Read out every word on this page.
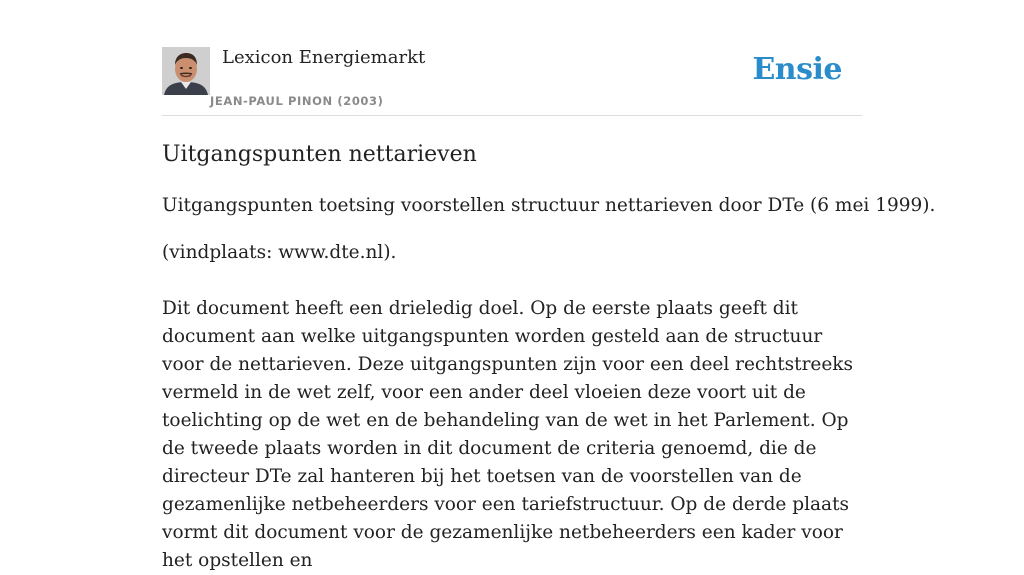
Lexicon Energiemarkt
JEAN-PAUL PINON (2003)
Ensie
Uitgangspunten nettarieven

Uitgangspunten toetsing voorstellen structuur nettarieven door DTe (6 mei 1999).

(vindplaats: www.dte.nl).

Dit document heeft een drieledig doel. Op de eerste plaats geeft dit document aan welke uitgangspunten worden gesteld aan de structuur voor de nettarieven. Deze uitgangspunten zijn voor een deel rechtstreeks vermeld in de wet zelf, voor een ander deel vloeien deze voort uit de toelichting op de wet en de behandeling van de wet in het Parlement. Op de tweede plaats worden in dit document de criteria genoemd, die de directeur DTe zal hanteren bij het toetsen van de voorstellen van de gezamenlijke netbeheerders voor een tariefstructuur. Op de derde plaats vormt dit document voor de gezamenlijke netbeheerders een kader voor het opstellen en
